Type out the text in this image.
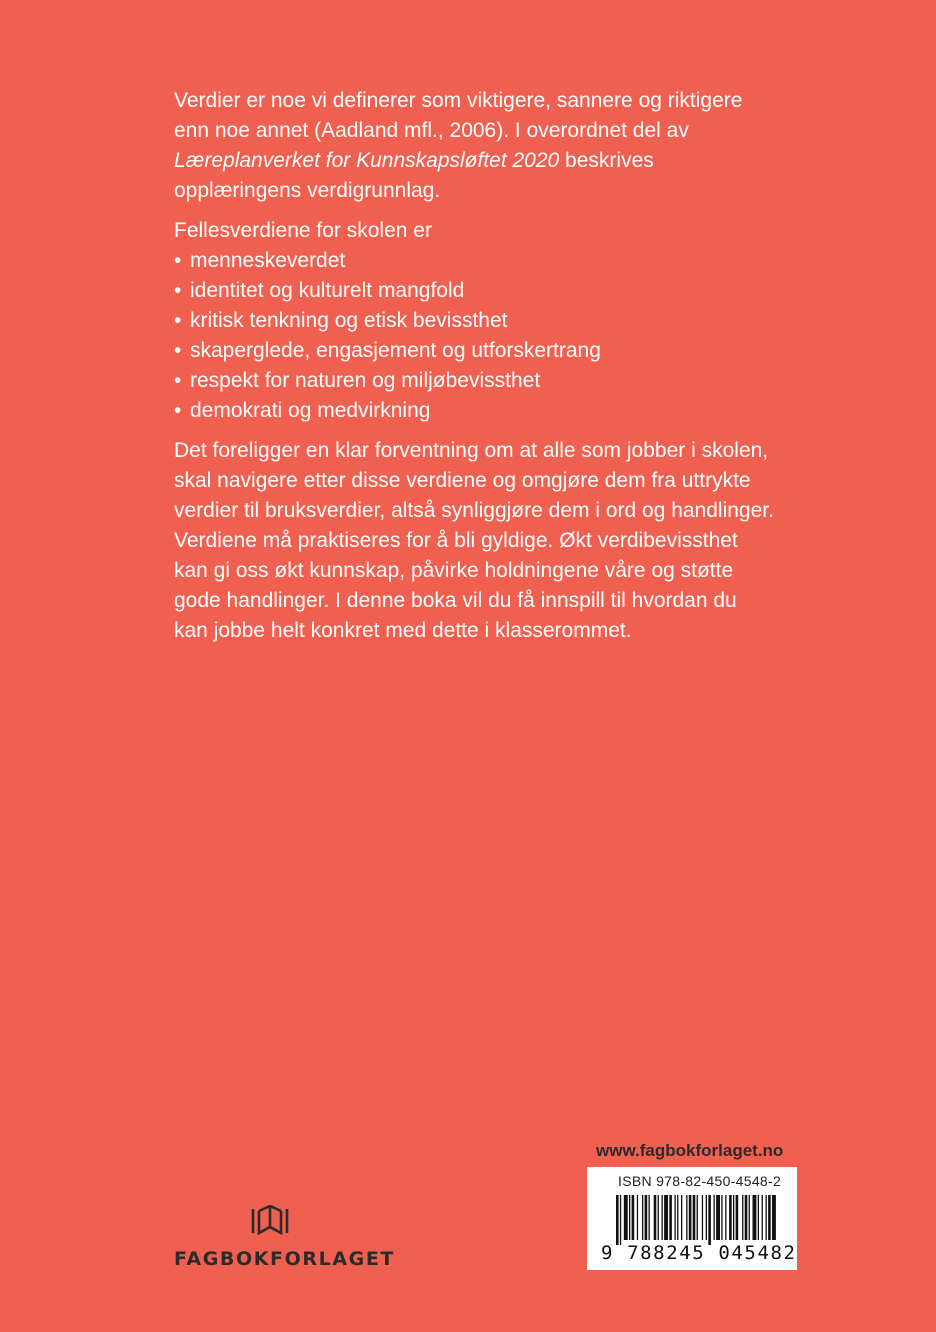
Verdier er noe vi definerer som viktigere, sannere og riktigere enn noe annet (Aadland mfl., 2006). I overordnet del av Læreplanverket for Kunnskapsløftet 2020 beskrives opplæringens verdigrunnlag.

Fellesverdiene for skolen er

• menneskeverdet
• identitet og kulturelt mangfold
• kritisk tenkning og etisk bevissthet
• skaperglede, engasjement og utforskertrang
• respekt for naturen og miljøbevissthet
• demokrati og medvirkning

Det foreligger en klar forventning om at alle som jobber i skolen, skal navigere etter disse verdiene og omgjøre dem fra uttrykte verdier til bruksverdier, altså synliggjøre dem i ord og handlinger. Verdiene må praktiseres for å bli gyldige. Økt verdibevissthet kan gi oss økt kunnskap, påvirke holdningene våre og støtte gode handlinger. I denne boka vil du få innspill til hvordan du kan jobbe helt konkret med dette i klasserommet.

www.fagbokforlaget.no
ISBN 978-82-450-4548-2
9 788245 045482
FAGBOKFORLAGET
